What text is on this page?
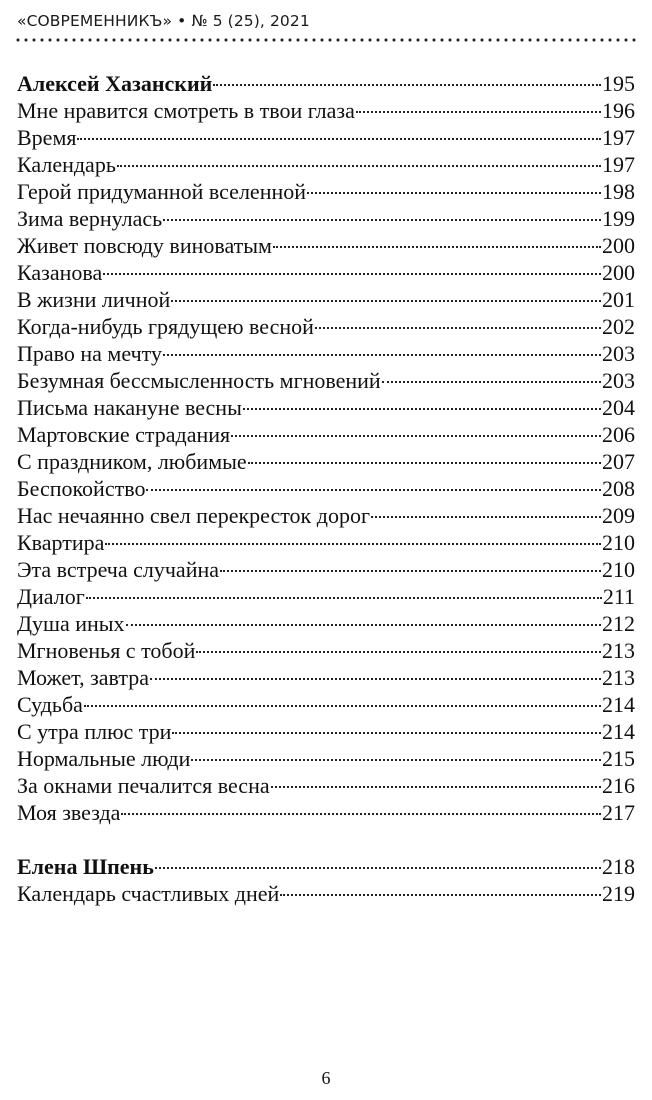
«СОВРЕМЕННИКЪ» • № 5 (25), 2021
Алексей Хазанский	195
Мне нравится смотреть в твои глаза	196
Время	197
Календарь	197
Герой придуманной вселенной	198
Зима вернулась	199
Живет повсюду виноватым	200
Казанова	200
В жизни личной	201
Когда-нибудь грядущею весной	202
Право на мечту	203
Безумная бессмысленность мгновений	203
Письма накануне весны	204
Мартовские страдания	206
С праздником, любимые	207
Беспокойство	208
Нас нечаянно свел перекресток дорог	209
Квартира	210
Эта встреча случайна	210
Диалог	211
Душа иных	212
Мгновенья с тобой	213
Может, завтра	213
Судьба	214
С утра плюс три	214
Нормальные люди	215
За окнами печалится весна	216
Моя звезда	217
Елена Шпень	218
Календарь счастливых дней	219
6
